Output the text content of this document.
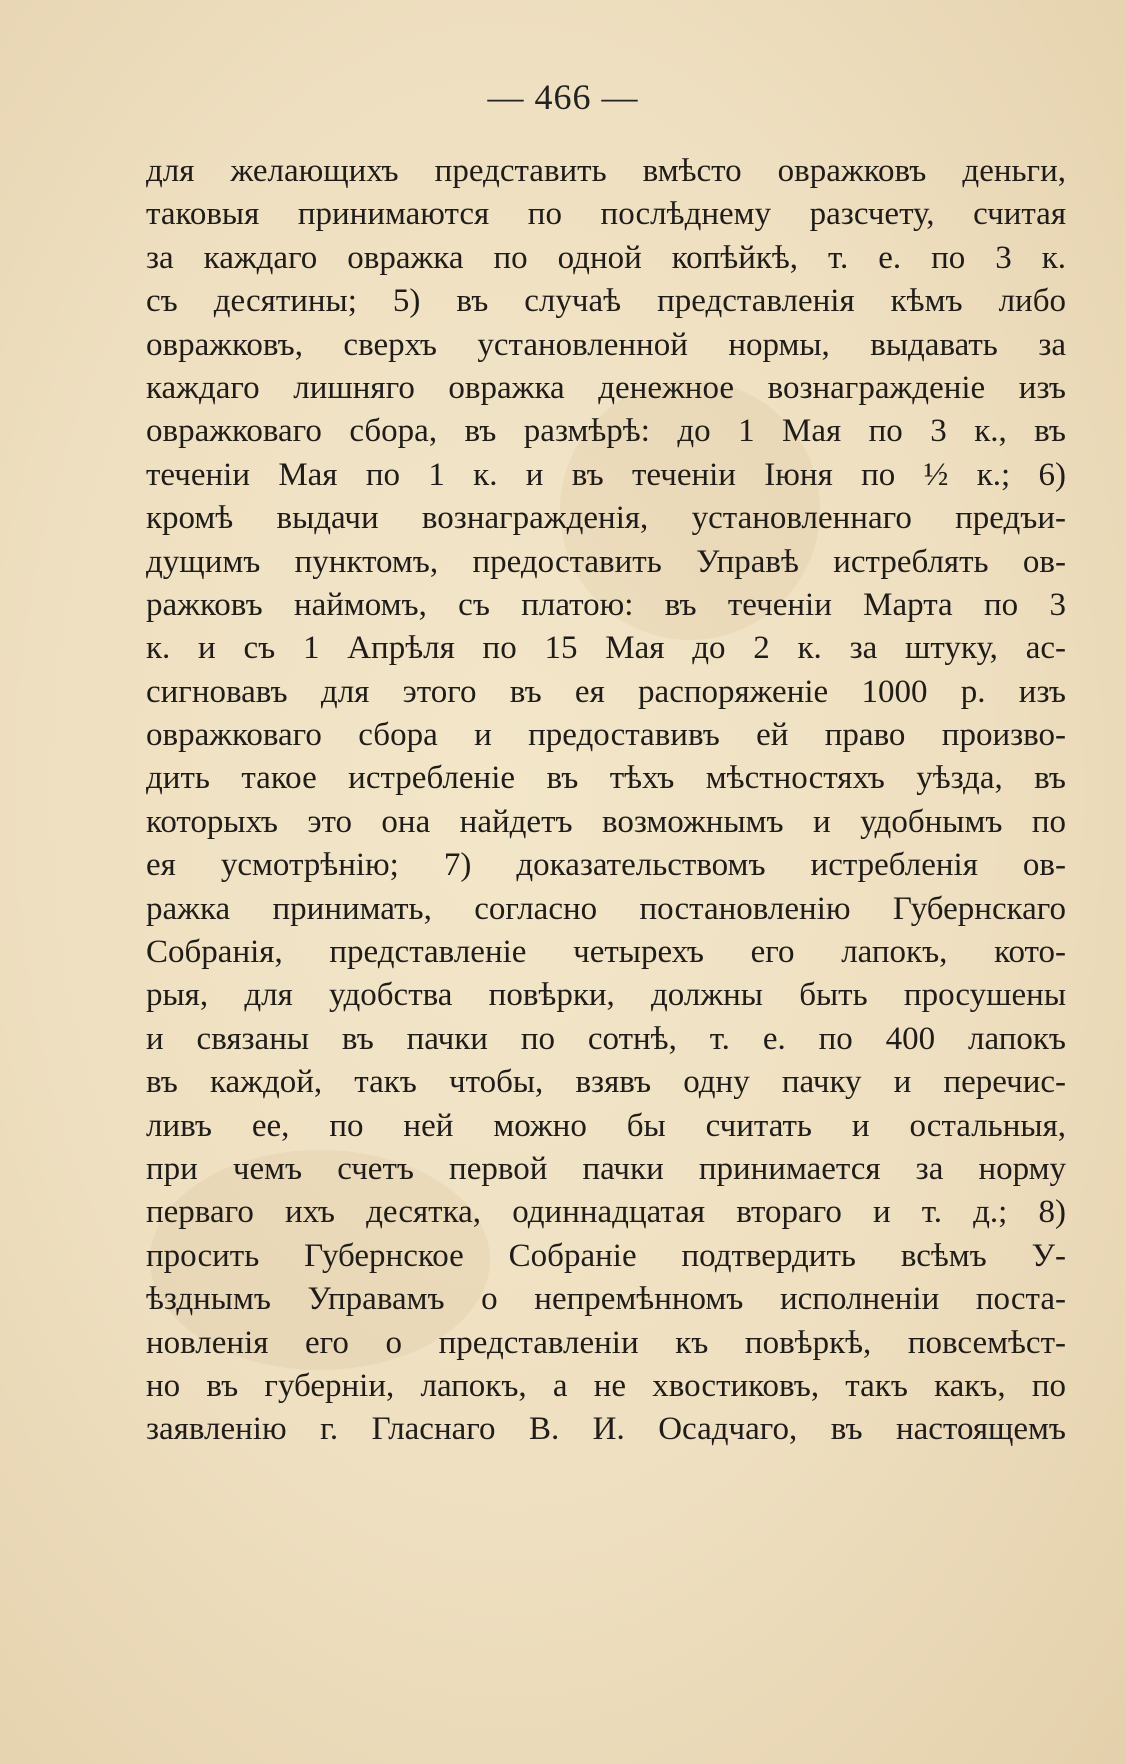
— 466 —
для желающихъ представить вмѣсто овражковъ деньги,
таковыя принимаются по послѣднему разсчету, считая
за каждаго овражка по одной копѣйкѣ, т. е. по 3 к.
съ десятины; 5) въ случаѣ представленія кѣмъ либо
овражковъ, сверхъ установленной нормы, выдавать за
каждаго лишняго овражка денежное вознагражденіе изъ
овражковаго сбора, въ размѣрѣ: до 1 Мая по 3 к., въ
теченіи Мая по 1 к. и въ теченіи Іюня по ½ к.; 6)
кромѣ выдачи вознагражденія, установленнаго предъи-
дущимъ пунктомъ, предоставить Управѣ истреблять ов-
ражковъ наймомъ, съ платою: въ теченіи Марта по 3
к. и съ 1 Апрѣля по 15 Мая до 2 к. за штуку, ас-
сигновавъ для этого въ ея распоряженіе 1000 р. изъ
овражковаго сбора и предоставивъ ей право произво-
дить такое истребленіе въ тѣхъ мѣстностяхъ уѣзда, въ
которыхъ это она найдетъ возможнымъ и удобнымъ по
ея усмотрѣнію; 7) доказательствомъ истребленія ов-
ражка принимать, согласно постановленію Губернскаго
Собранія, представленіе четырехъ его лапокъ, кото-
рыя, для удобства повѣрки, должны быть просушены
и связаны въ пачки по сотнѣ, т. е. по 400 лапокъ
въ каждой, такъ чтобы, взявъ одну пачку и перечис-
ливъ ее, по ней можно бы считать и остальныя,
при чемъ счетъ первой пачки принимается за норму
перваго ихъ десятка, одиннадцатая втораго и т. д.; 8)
просить Губернское Собраніе подтвердить всѣмъ У-
ѣзднымъ Управамъ о непремѣнномъ исполненіи поста-
новленія его о представленіи къ повѣркѣ, повсемѣст-
но въ губерніи, лапокъ, а не хвостиковъ, такъ какъ, по
заявленію г. Гласнаго В. И. Осадчаго, въ настоящемъ
